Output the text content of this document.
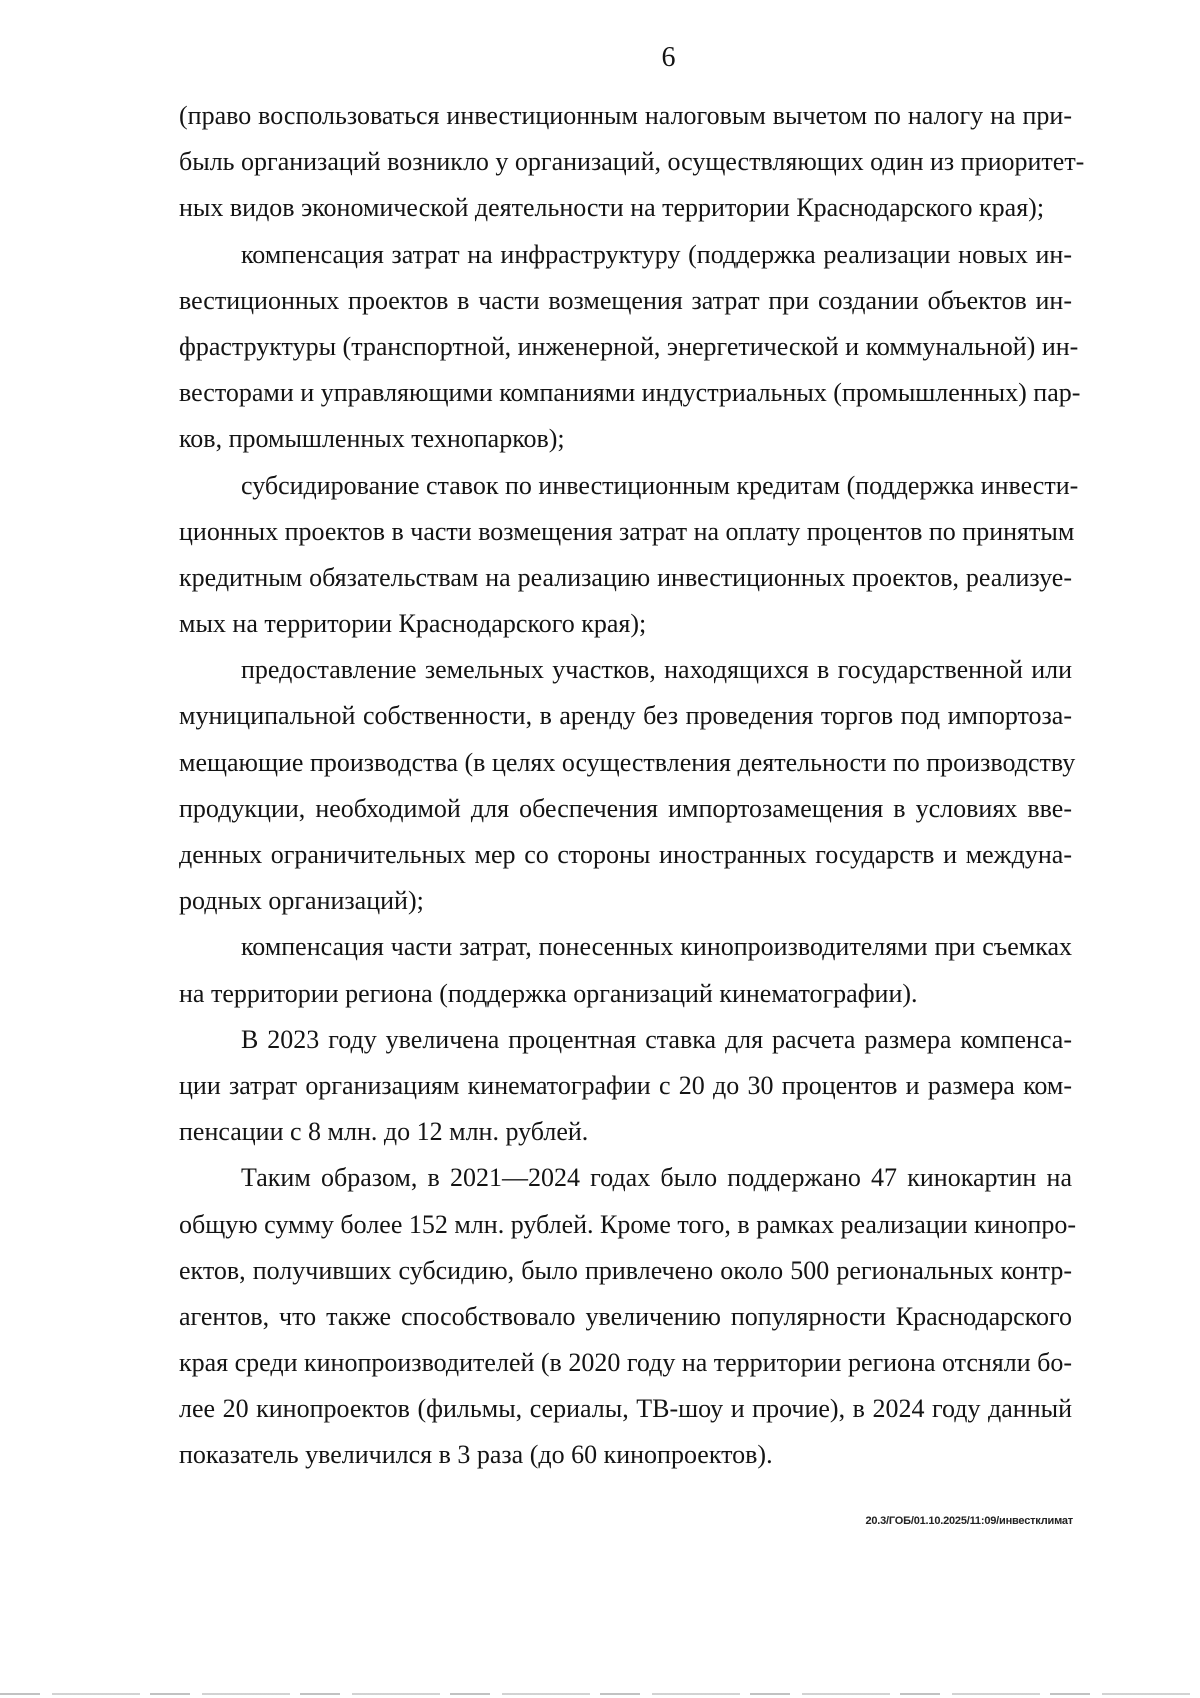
6
(право воспользоваться инвестиционным налоговым вычетом по налогу на при-
быль организаций возникло у организаций, осуществляющих один из приоритет-
ных видов экономической деятельности на территории Краснодарского края);
компенсация затрат на инфраструктуру (поддержка реализации новых ин-
вестиционных проектов в части возмещения затрат при создании объектов ин-
фраструктуры (транспортной, инженерной, энергетической и коммунальной) ин-
весторами и управляющими компаниями индустриальных (промышленных) пар-
ков, промышленных технопарков);
субсидирование ставок по инвестиционным кредитам (поддержка инвести-
ционных проектов в части возмещения затрат на оплату процентов по принятым
кредитным обязательствам на реализацию инвестиционных проектов, реализуе-
мых на территории Краснодарского края);
предоставление земельных участков, находящихся в государственной или
муниципальной собственности, в аренду без проведения торгов под импортоза-
мещающие производства (в целях осуществления деятельности по производству
продукции, необходимой для обеспечения импортозамещения в условиях вве-
денных ограничительных мер со стороны иностранных государств и междуна-
родных организаций);
компенсация части затрат, понесенных кинопроизводителями при съемках
на территории региона (поддержка организаций кинематографии).
В 2023 году увеличена процентная ставка для расчета размера компенса-
ции затрат организациям кинематографии с 20 до 30 процентов и размера ком-
пенсации с 8 млн. до 12 млн. рублей.
Таким образом, в 2021—2024 годах было поддержано 47 кинокартин на
общую сумму более 152 млн. рублей. Кроме того, в рамках реализации кинопро-
ектов, получивших субсидию, было привлечено около 500 региональных контр-
агентов, что также способствовало увеличению популярности Краснодарского
края среди кинопроизводителей (в 2020 году на территории региона отсняли бо-
лее 20 кинопроектов (фильмы, сериалы, ТВ-шоу и прочие), в 2024 году данный
показатель увеличился в 3 раза (до 60 кинопроектов).
20.3/ГОБ/01.10.2025/11:09/инвестклимат
